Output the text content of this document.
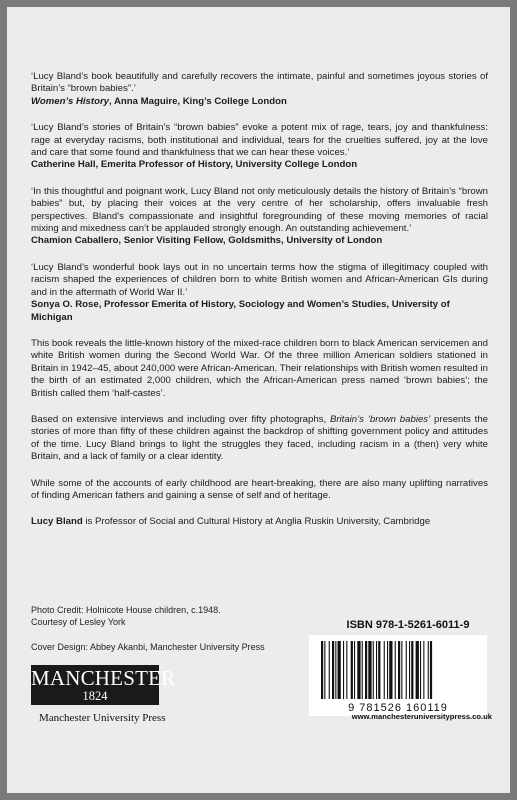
‘Lucy Bland’s book beautifully and carefully recovers the intimate, painful and sometimes joyous stories of Britain’s “brown babies”.’

Women’s History, Anna Maguire, King’s College London

‘Lucy Bland’s stories of Britain’s “brown babies” evoke a potent mix of rage, tears, joy and thankfulness: rage at everyday racisms, both institutional and individual, tears for the cruelties suffered, joy at the love and care that some found and thankfulness that we can hear these voices.’

Catherine Hall, Emerita Professor of History, University College London

‘In this thoughtful and poignant work, Lucy Bland not only meticulously details the history of Britain’s “brown babies” but, by placing their voices at the very centre of her scholarship, offers invaluable fresh perspectives. Bland’s compassionate and insightful foregrounding of these moving memories of racial mixing and mixedness can’t be applauded strongly enough. An outstanding achievement.’

Chamion Caballero, Senior Visiting Fellow, Goldsmiths, University of London

‘Lucy Bland’s wonderful book lays out in no uncertain terms how the stigma of illegitimacy coupled with racism shaped the experiences of children born to white British women and African-American GIs during and in the aftermath of World War II.’

Sonya O. Rose, Professor Emerita of History, Sociology and Women’s Studies, University of Michigan

This book reveals the little-known history of the mixed-race children born to black American servicemen and white British women during the Second World War. Of the three million American soldiers stationed in Britain in 1942–45, about 240,000 were African-American. Their relationships with British women resulted in the birth of an estimated 2,000 children, which the African-American press named ‘brown babies’; the British called them ‘half-castes’.

Based on extensive interviews and including over fifty photographs, Britain’s ‘brown babies’ presents the stories of more than fifty of these children against the backdrop of shifting government policy and attitudes of the time. Lucy Bland brings to light the struggles they faced, including racism in a (then) very white Britain, and a lack of family or a clear identity.

While some of the accounts of early childhood are heart-breaking, there are also many uplifting narratives of finding American fathers and gaining a sense of self and of heritage.

Lucy Bland is Professor of Social and Cultural History at Anglia Ruskin University, Cambridge

Photo Credit: Holnicote House children, c.1948. Courtesy of Lesley York
Cover Design: Abbey Akanbi, Manchester University Press
MANCHESTER
1824
Manchester University Press
ISBN 978-1-5261-6011-9
9 781526 160119
www.manchesteruniversitypress.co.uk
